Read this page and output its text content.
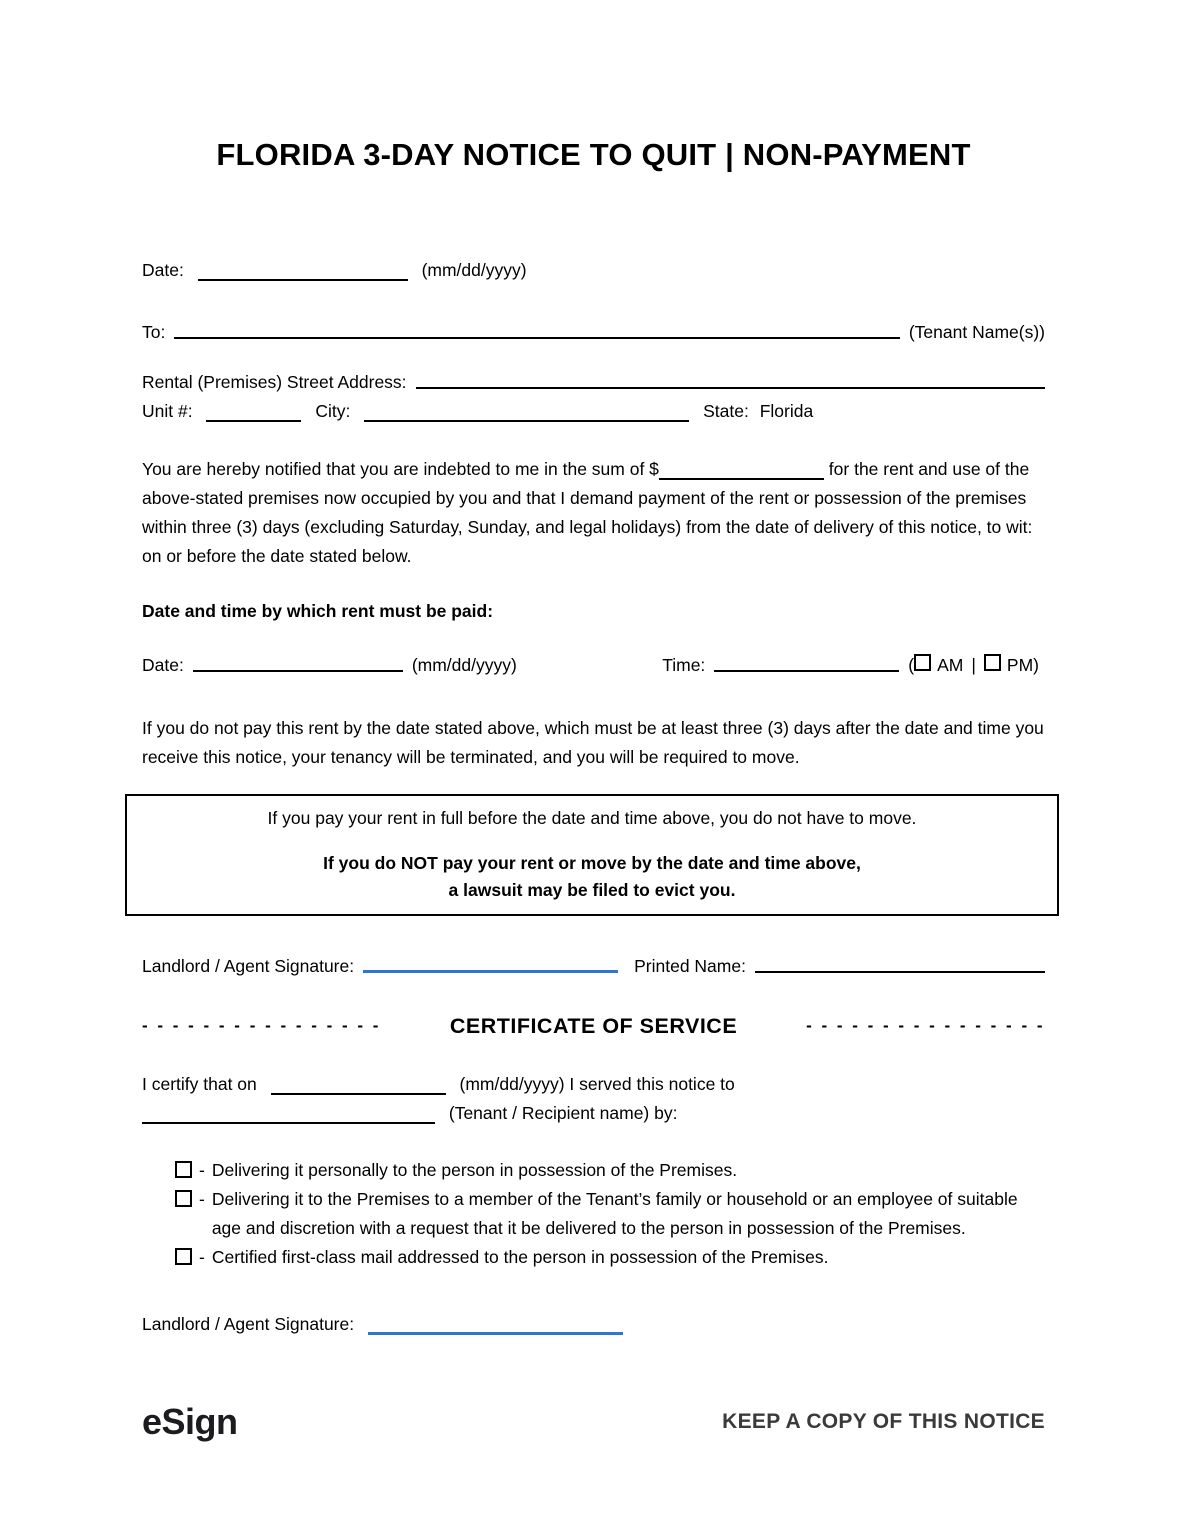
FLORIDA 3-DAY NOTICE TO QUIT | NON-PAYMENT
Date:	(mm/dd/yyyy)
To:	(Tenant Name(s))
Rental (Premises) Street Address:
Unit #:	City:	State: Florida

You are hereby notified that you are indebted to me in the sum of $	for the rent and use of the above-stated premises now occupied by you and that I demand payment of the rent or possession of the premises within three (3) days (excluding Saturday, Sunday, and legal holidays) from the date of delivery of this notice, to wit: on or before the date stated below.

Date and time by which rent must be paid:
Date:	(mm/dd/yyyy)	Time:	( AM | PM )

If you do not pay this rent by the date stated above, which must be at least three (3) days after the date and time you receive this notice, your tenancy will be terminated, and you will be required to move.

If you pay your rent in full before the date and time above, you do not have to move.
If you do NOT pay your rent or move by the date and time above,
a lawsuit may be filed to evict you.
Landlord / Agent Signature:	Printed Name:
- - - - - - - - - - - - - - - -	CERTIFICATE OF SERVICE	- - - - - - - - - - - - - - - -

I certify that on	(mm/dd/yyyy) I served this notice to
(Tenant / Recipient name) by:

- Delivering it personally to the person in possession of the Premises.
- Delivering it to the Premises to a member of the Tenant’s family or household or an employee of suitable age and discretion with a request that it be delivered to the person in possession of the Premises.
- Certified first-class mail addressed to the person in possession of the Premises.
Landlord / Agent Signature:
eSign	KEEP A COPY OF THIS NOTICE
